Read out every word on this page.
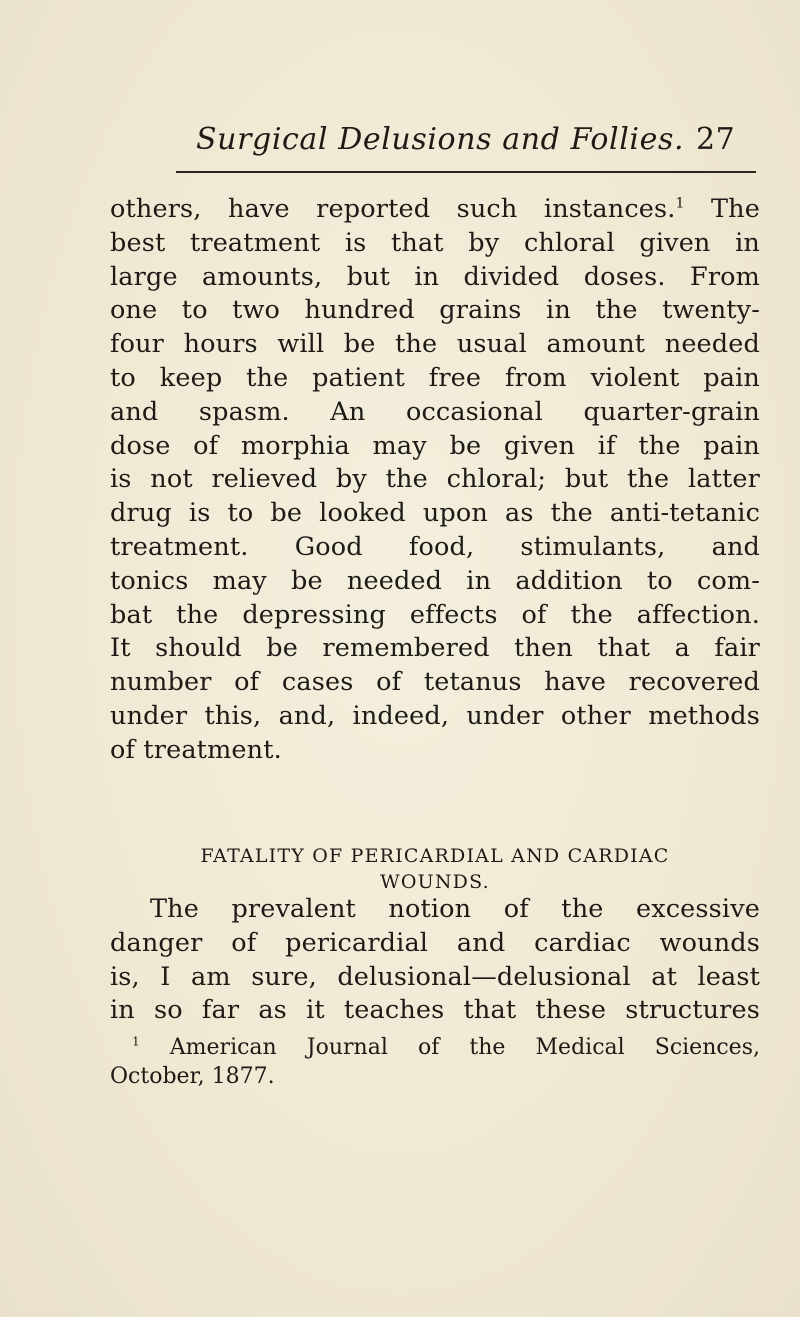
Surgical Delusions and Follies. 27
others, have reported such instances.$^1$ The
best treatment is that by chloral given in
large amounts, but in divided doses. From
one to two hundred grains in the twenty-
four hours will be the usual amount needed
to keep the patient free from violent pain
and spasm. An occasional quarter-grain
dose of morphia may be given if the pain
is not relieved by the chloral; but the latter
drug is to be looked upon as the anti-tetanic
treatment. Good food, stimulants, and
tonics may be needed in addition to com-
bat the depressing effects of the affection.
It should be remembered then that a fair
number of cases of tetanus have recovered
under this, and, indeed, under other methods
of treatment.
FATALITY OF PERICARDIAL AND CARDIAC
WOUNDS.
The prevalent notion of the excessive
danger of pericardial and cardiac wounds
is, I am sure, delusional—delusional at least
in so far as it teaches that these structures
$^1$ American Journal of the Medical Sciences,
October, 1877.
